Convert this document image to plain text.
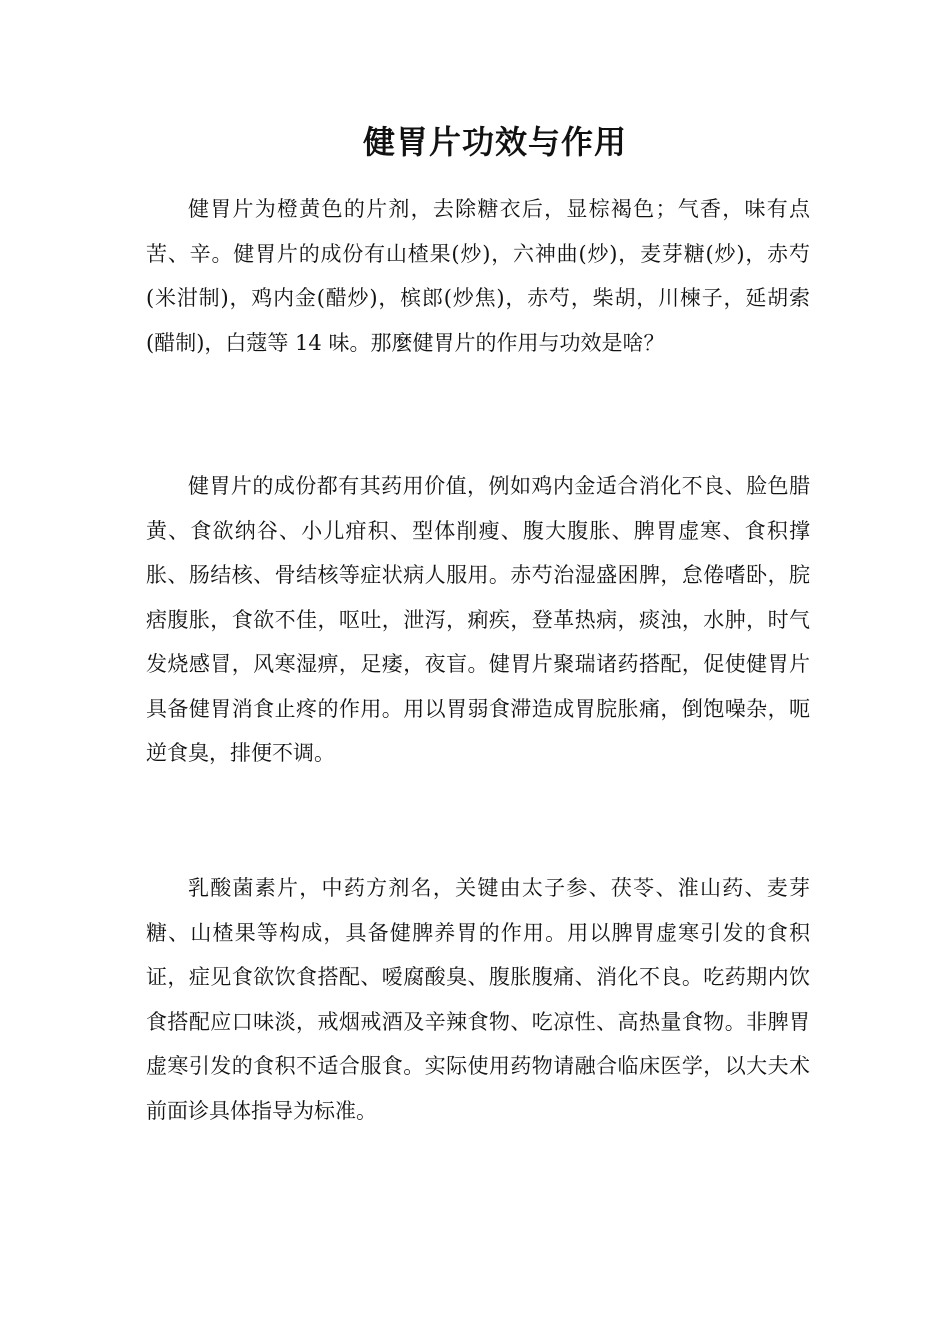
健胃片功效与作用

健胃片为橙黄色的片剂，去除糖衣后，显棕褐色；气香，味有点苦、辛。健胃片的成份有山楂果(炒)，六神曲(炒)，麦芽糖(炒)，赤芍(米泔制)，鸡内金(醋炒)，槟郎(炒焦)，赤芍，柴胡，川楝子，延胡索(醋制)，白蔻等 14 味。那麼健胃片的作用与功效是啥？

健胃片的成份都有其药用价值，例如鸡内金适合消化不良、脸色腊黄、食欲纳谷、小儿疳积、型体削瘦、腹大腹胀、脾胃虚寒、食积撑胀、肠结核、骨结核等症状病人服用。赤芍治湿盛困脾，怠倦嗜卧，脘痞腹胀，食欲不佳，呕吐，泄泻，痢疾，登革热病，痰浊，水肿，时气发烧感冒，风寒湿痹，足痿，夜盲。健胃片聚瑞诸药搭配，促使健胃片具备健胃消食止疼的作用。用以胃弱食滞造成胃脘胀痛，倒饱噪杂，呃逆食臭，排便不调。

乳酸菌素片，中药方剂名，关键由太子参、茯苓、淮山药、麦芽糖、山楂果等构成，具备健脾养胃的作用。用以脾胃虚寒引发的食积证，症见食欲饮食搭配、嗳腐酸臭、腹胀腹痛、消化不良。吃药期内饮食搭配应口味淡，戒烟戒酒及辛辣食物、吃凉性、高热量食物。非脾胃虚寒引发的食积不适合服食。实际使用药物请融合临床医学，以大夫术前面诊具体指导为标准。
